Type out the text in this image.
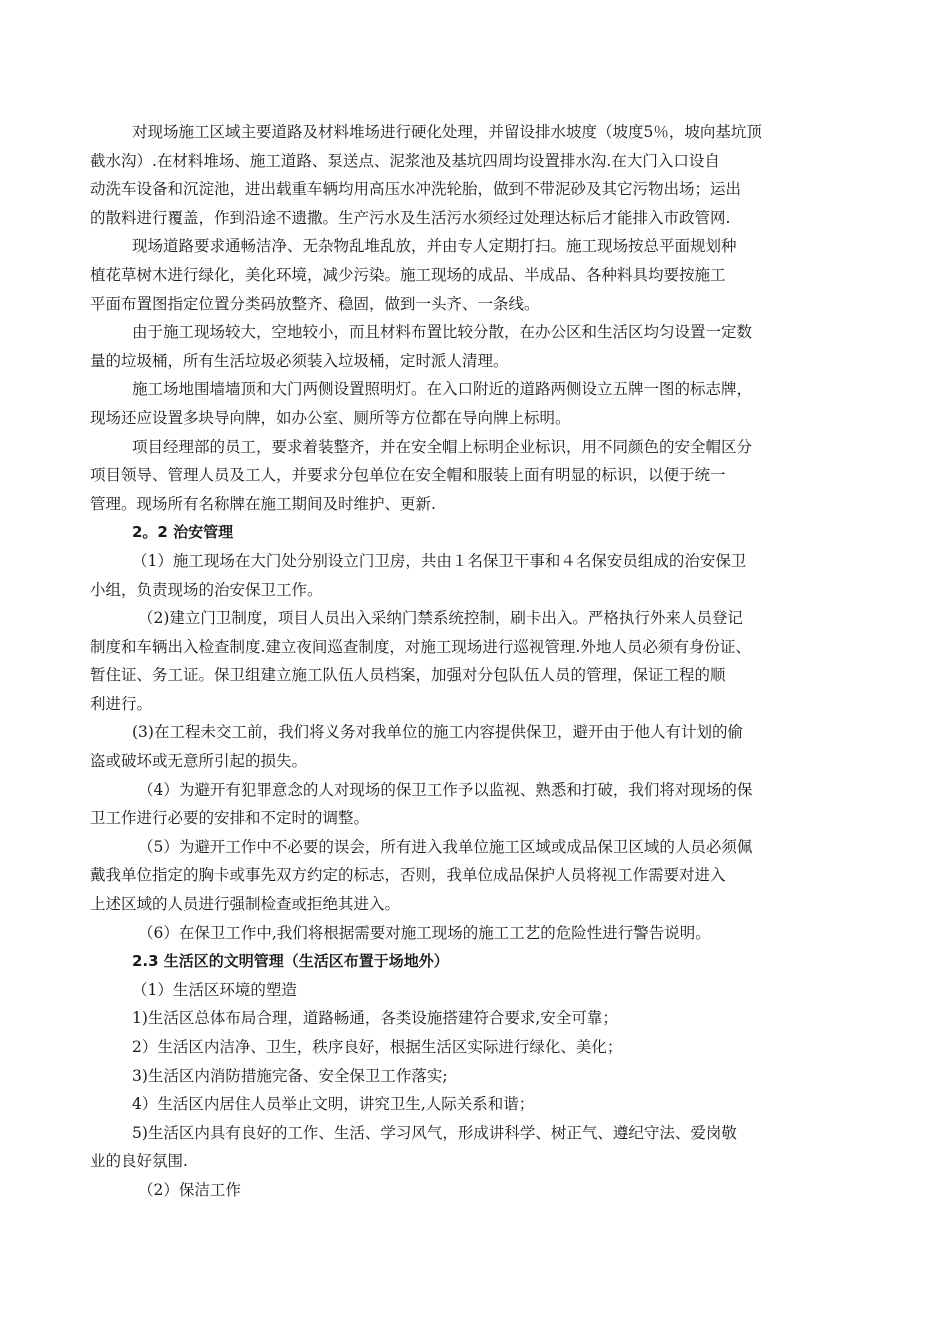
对现场施工区域主要道路及材料堆场进行硬化处理，并留设排水坡度（坡度5％，坡向基坑顶
截水沟）.在材料堆场、施工道路、泵送点、泥浆池及基坑四周均设置排水沟.在大门入口设自
动洗车设备和沉淀池，进出载重车辆均用高压水冲洗轮胎，做到不带泥砂及其它污物出场；运出
的散料进行覆盖，作到沿途不遗撒。生产污水及生活污水须经过处理达标后才能排入市政管网.
现场道路要求通畅洁净、无杂物乱堆乱放，并由专人定期打扫。施工现场按总平面规划种
植花草树木进行绿化，美化环境，减少污染。施工现场的成品、半成品、各种料具均要按施工
平面布置图指定位置分类码放整齐、稳固，做到一头齐、一条线。
由于施工现场较大，空地较小，而且材料布置比较分散，在办公区和生活区均匀设置一定数
量的垃圾桶，所有生活垃圾必须装入垃圾桶，定时派人清理。
施工场地围墙墙顶和大门两侧设置照明灯。在入口附近的道路两侧设立五牌一图的标志牌，
现场还应设置多块导向牌，如办公室、厕所等方位都在导向牌上标明。
项目经理部的员工，要求着装整齐，并在安全帽上标明企业标识，用不同颜色的安全帽区分
项目领导、管理人员及工人，并要求分包单位在安全帽和服装上面有明显的标识，以便于统一
管理。现场所有名称牌在施工期间及时维护、更新.
2。2 治安管理
（1）施工现场在大门处分别设立门卫房，共由１名保卫干事和４名保安员组成的治安保卫
小组，负责现场的治安保卫工作。
（2)建立门卫制度，项目人员出入采纳门禁系统控制，刷卡出入。严格执行外来人员登记
制度和车辆出入检查制度.建立夜间巡查制度，对施工现场进行巡视管理.外地人员必须有身份证、
暂住证、务工证。保卫组建立施工队伍人员档案，加强对分包队伍人员的管理，保证工程的顺
利进行。
(3)在工程未交工前，我们将义务对我单位的施工内容提供保卫，避开由于他人有计划的偷
盗或破坏或无意所引起的损失。
（4）为避开有犯罪意念的人对现场的保卫工作予以监视、熟悉和打破，我们将对现场的保
卫工作进行必要的安排和不定时的调整。
（5）为避开工作中不必要的误会，所有进入我单位施工区域或成品保卫区域的人员必须佩
戴我单位指定的胸卡或事先双方约定的标志，否则，我单位成品保护人员将视工作需要对进入
上述区域的人员进行强制检查或拒绝其进入。
（6）在保卫工作中,我们将根据需要对施工现场的施工工艺的危险性进行警告说明。
2.3 生活区的文明管理（生活区布置于场地外）
（1）生活区环境的塑造
1)生活区总体布局合理，道路畅通，各类设施搭建符合要求,安全可靠；
2）生活区内洁净、卫生，秩序良好，根据生活区实际进行绿化、美化；
3)生活区内消防措施完备、安全保卫工作落实;
4）生活区内居住人员举止文明，讲究卫生,人际关系和谐；
5)生活区内具有良好的工作、生活、学习风气，形成讲科学、树正气、遵纪守法、爱岗敬
业的良好氛围.
（2）保洁工作
